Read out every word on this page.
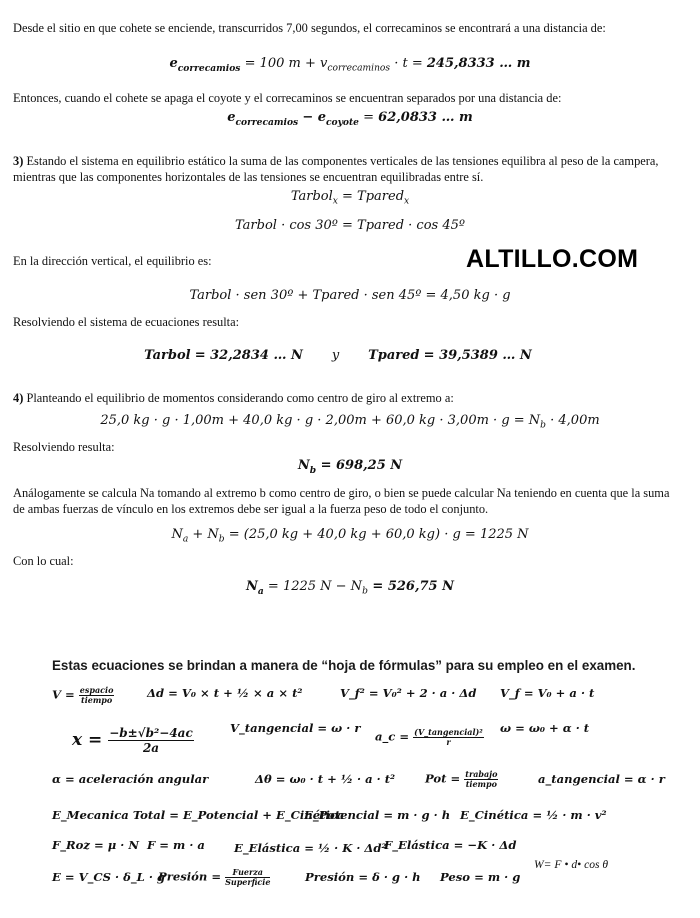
Desde el sitio en que cohete se enciende, transcurridos 7,00 segundos, el correcaminos se encontrará a una distancia de:

$e_{correcamios} = 100$ $m + v_{correcaminos} \cdot t = 245,8333$ … m

Entonces, cuando el cohete se apaga el coyote y el correcaminos se encuentran separados por una distancia de:

$e_{correcamios} - e_{coyote} = 62,0833$ … m

3) Estando el sistema en equilibrio estático la suma de las componentes verticales de las tensiones equilibra al peso de la campera, mientras que las componentes horizontales de las tensiones se encuentran equilibradas entre sí.

Tarbol$_x$ = Tpared$_x$
Tarbol · cos 30º = Tpared · cos 45º

En la dirección vertical, el equilibrio es:	ALTILLO.COM
Tarbol · sen 30º + Tpared · sen 45º = 4,50 kg · g

Resolviendo el sistema de ecuaciones resulta:

Tarbol = 32,2834 … N y Tpared = 39,5389 … N

4) Planteando el equilibrio de momentos considerando como centro de giro al extremo a:

25,0 kg · g · 1,00m + 40,0 kg · g · 2,00m + 60,0 kg · $3,00m \cdot g = N_b \cdot 4,00m$

Resolviendo resulta:

$N_b = 698,25$ N

Análogamente se calcula Na tomando al extremo b como centro de giro, o bien se puede calcular Na teniendo en cuenta que la suma de ambas fuerzas de vínculo en los extremos debe ser igual a la fuerza peso de todo el conjunto.

$N_a + N_b = (25,0$ kg + 40,0 kg + 60,0 kg) · g = 1225 N

Con lo cual:

$N_a = 1225$ $N - N_b = 526,75$ N
Estas ecuaciones se brindan a manera de “hoja de fórmulas” para su empleo en el examen.
$V = \frac{\text{espacio}}{\text{tiempo}}$	Δd = V₀ × t + ½ × a × t²	V_f² = V₀² + 2 · a · Δd V_f = V₀ + a · t
$x = \frac{\text{−b±√b²−4ac}}{2a}$	V_tangencial = ω · r
a_c = $\frac{\text{(V\_tangencial)²}}{r}$ ω = ω₀ + α · t
α = aceleración angular	Δθ = ω₀ · t + ½ · a · t²	Pot = $\frac{\text{trabajo}}{\text{tiempo}}$	a_tangencial = α · r
E_Mecanica Total = E_Potencial + E_Cinética
E_Potencial = m · g · h E_Cinética = ½ · m · v²
F_Roz = μ · N F = m · a	E_Elástica = ½ · K · Δd²
F_Elástica = −K · Δd
E = V_CS · δ_L · g
Presión = $\frac{\text{Fuerza}}{\text{Superficie}}$	Presión = δ · g · h Peso = m · g
W= F • d• cos θ
